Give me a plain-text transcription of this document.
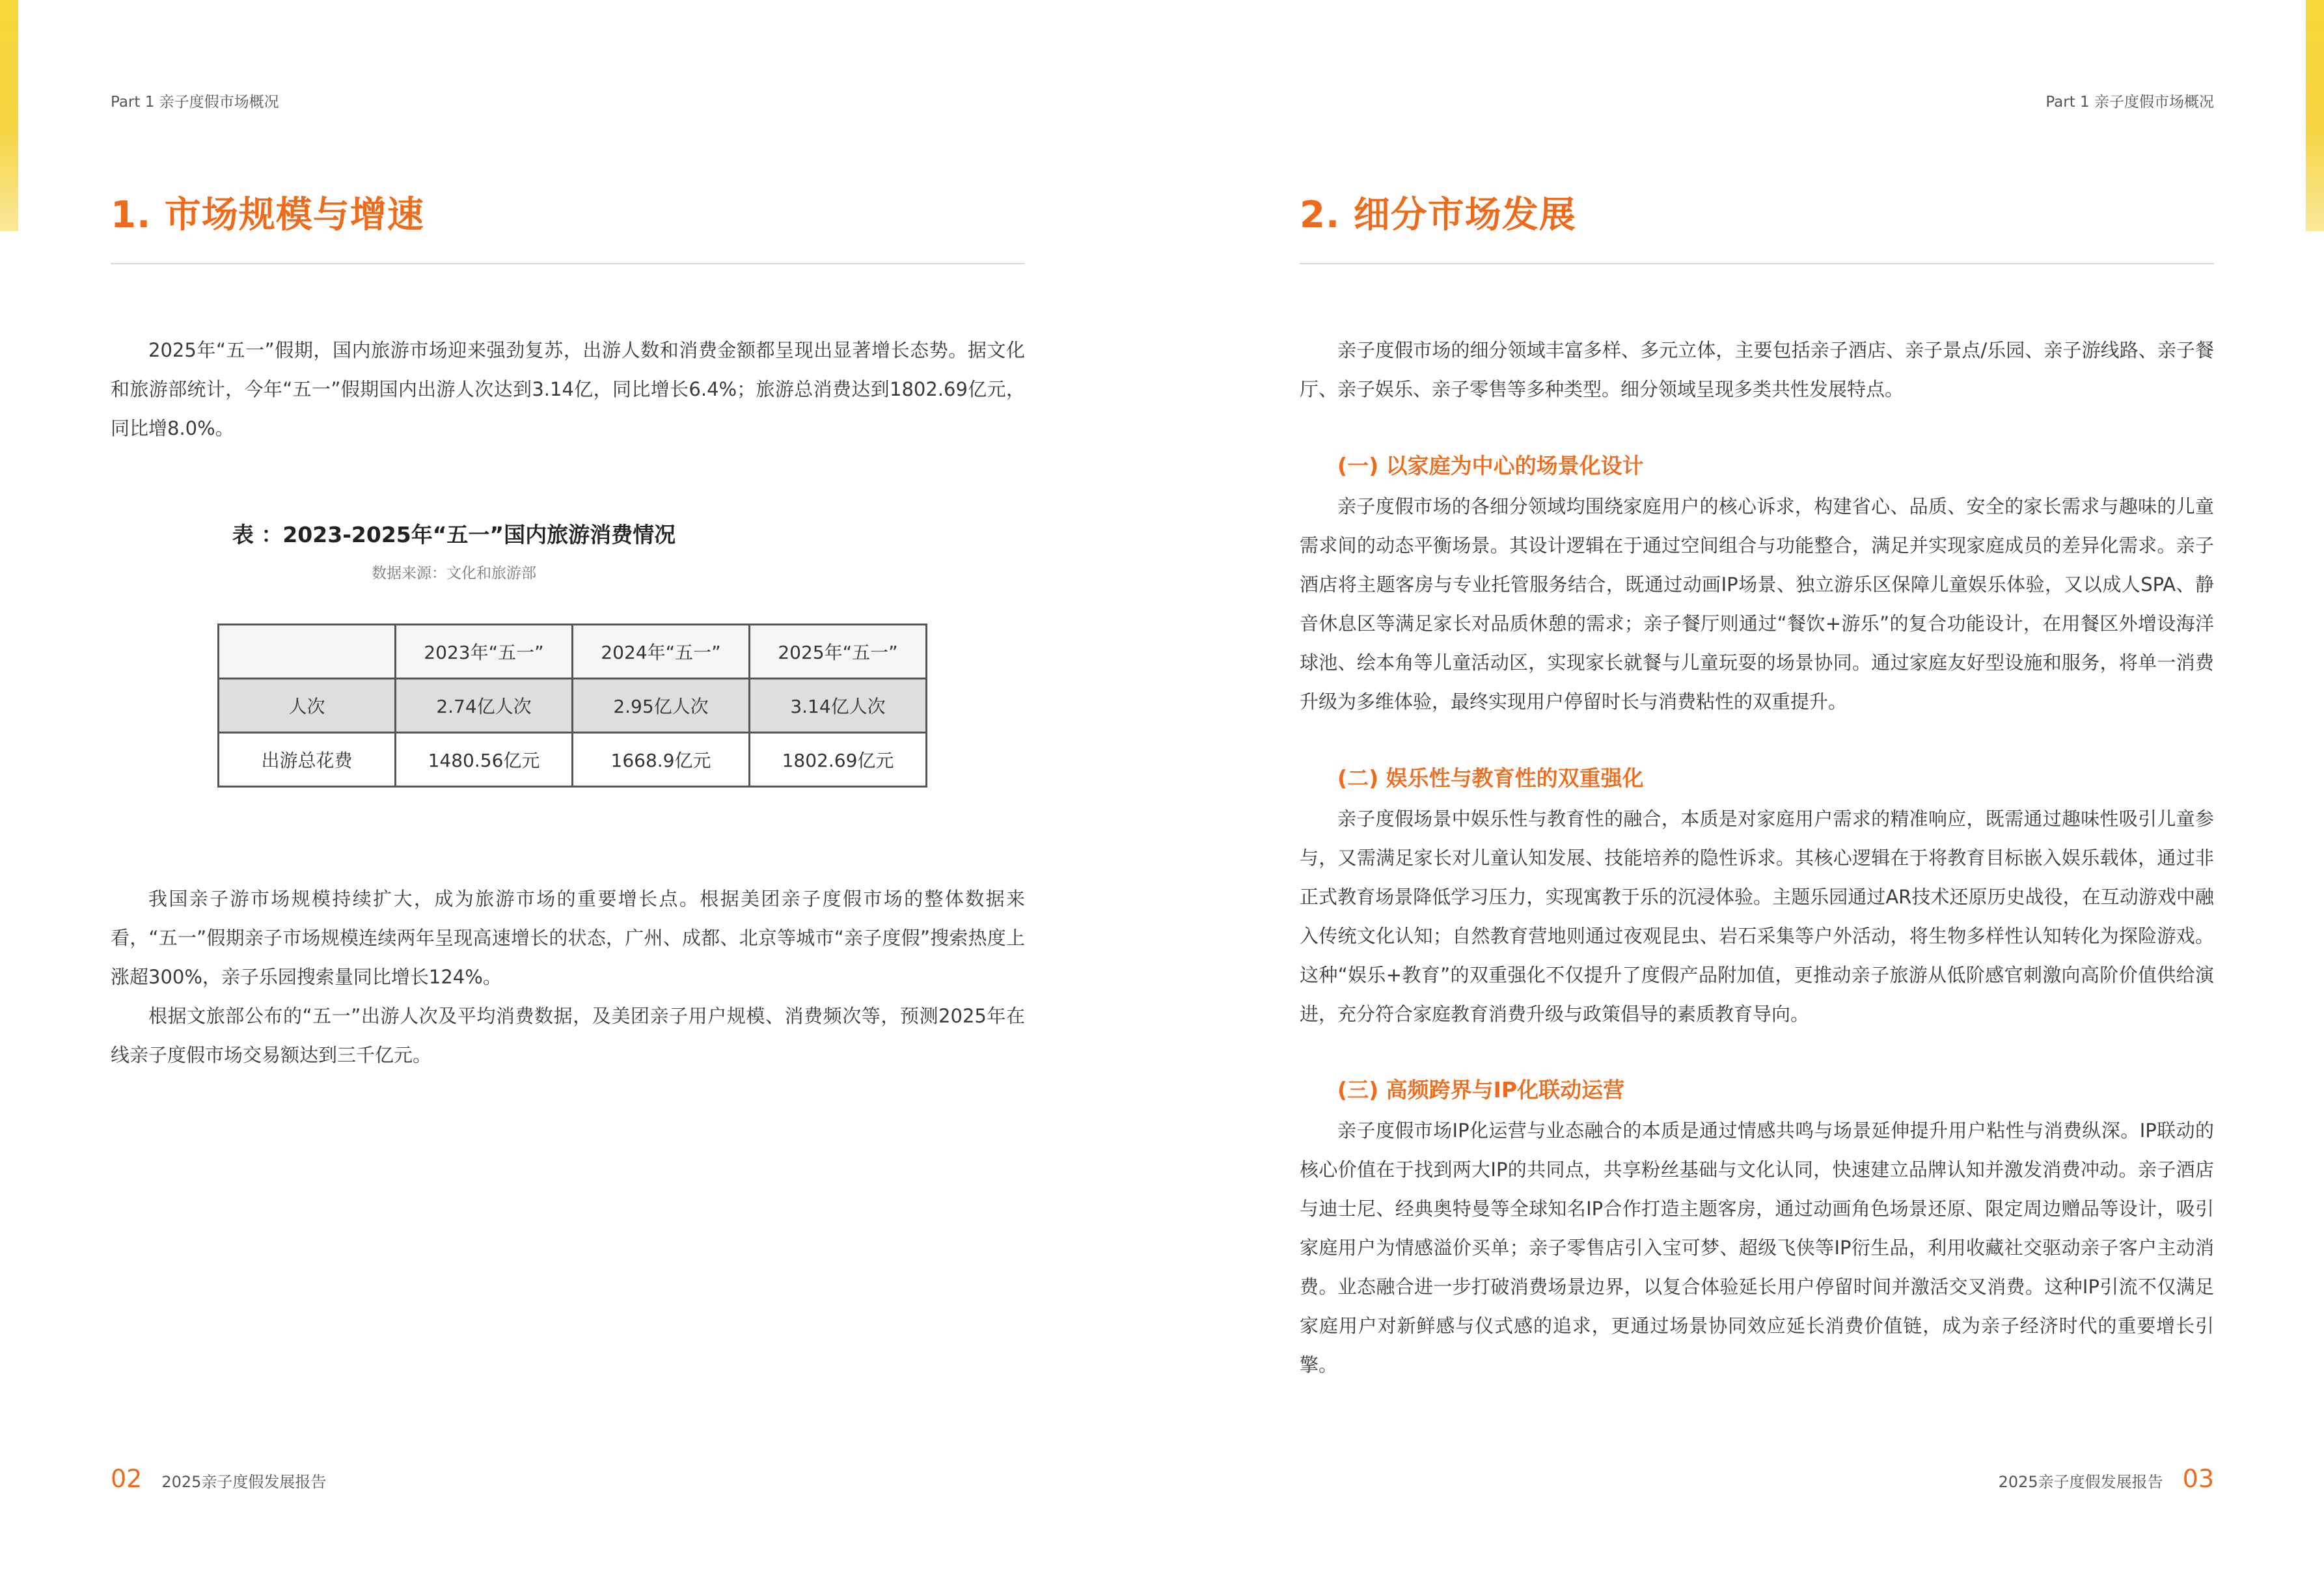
Part 1 亲子度假市场概况
1. 市场规模与增速

2025年“五一”假期，国内旅游市场迎来强劲复苏，出游人数和消费金额都呈现出显著增长态势。据文化和旅游部统计，今年“五一”假期国内出游人次达到3.14亿，同比增长6.4%；旅游总消费达到1802.69亿元，同比增8.0%。

表 ：2023-2025年“五一”国内旅游消费情况
数据来源：文化和旅游部
	2023年“五一”	2024年“五一”	2025年“五一”
人次	2.74亿人次	2.95亿人次	3.14亿人次
出游总花费	1480.56亿元	1668.9亿元	1802.69亿元

我国亲子游市场规模持续扩大，成为旅游市场的重要增长点。根据美团亲子度假市场的整体数据来看，“五一”假期亲子市场规模连续两年呈现高速增长的状态，广州、成都、北京等城市“亲子度假”搜索热度上涨超300%，亲子乐园搜索量同比增长124%。

根据文旅部公布的“五一”出游人次及平均消费数据，及美团亲子用户规模、消费频次等，预测2025年在线亲子度假市场交易额达到三千亿元。

02 2025亲子度假发展报告
Part 1 亲子度假市场概况
2. 细分市场发展

亲子度假市场的细分领域丰富多样、多元立体，主要包括亲子酒店、亲子景点/乐园、亲子游线路、亲子餐厅、亲子娱乐、亲子零售等多种类型。细分领域呈现多类共性发展特点。

(一) 以家庭为中心的场景化设计

亲子度假市场的各细分领域均围绕家庭用户的核心诉求，构建省心、品质、安全的家长需求与趣味的儿童需求间的动态平衡场景。其设计逻辑在于通过空间组合与功能整合，满足并实现家庭成员的差异化需求。亲子酒店将主题客房与专业托管服务结合，既通过动画IP场景、独立游乐区保障儿童娱乐体验，又以成人SPA、静音休息区等满足家长对品质休憩的需求；亲子餐厅则通过“餐饮+游乐”的复合功能设计，在用餐区外增设海洋球池、绘本角等儿童活动区，实现家长就餐与儿童玩耍的场景协同。通过家庭友好型设施和服务，将单一消费升级为多维体验，最终实现用户停留时长与消费粘性的双重提升。

(二) 娱乐性与教育性的双重强化

亲子度假场景中娱乐性与教育性的融合，本质是对家庭用户需求的精准响应，既需通过趣味性吸引儿童参与，又需满足家长对儿童认知发展、技能培养的隐性诉求。其核心逻辑在于将教育目标嵌入娱乐载体，通过非正式教育场景降低学习压力，实现寓教于乐的沉浸体验。主题乐园通过AR技术还原历史战役，在互动游戏中融入传统文化认知；自然教育营地则通过夜观昆虫、岩石采集等户外活动，将生物多样性认知转化为探险游戏。这种“娱乐+教育”的双重强化不仅提升了度假产品附加值，更推动亲子旅游从低阶感官刺激向高阶价值供给演进，充分符合家庭教育消费升级与政策倡导的素质教育导向。

(三) 高频跨界与IP化联动运营

亲子度假市场IP化运营与业态融合的本质是通过情感共鸣与场景延伸提升用户粘性与消费纵深。IP联动的核心价值在于找到两大IP的共同点，共享粉丝基础与文化认同，快速建立品牌认知并激发消费冲动。亲子酒店与迪士尼、经典奥特曼等全球知名IP合作打造主题客房，通过动画角色场景还原、限定周边赠品等设计，吸引家庭用户为情感溢价买单；亲子零售店引入宝可梦、超级飞侠等IP衍生品，利用收藏社交驱动亲子客户主动消费。业态融合进一步打破消费场景边界，以复合体验延长用户停留时间并激活交叉消费。这种IP引流不仅满足家庭用户对新鲜感与仪式感的追求，更通过场景协同效应延长消费价值链，成为亲子经济时代的重要增长引擎。

2025亲子度假发展报告 03
